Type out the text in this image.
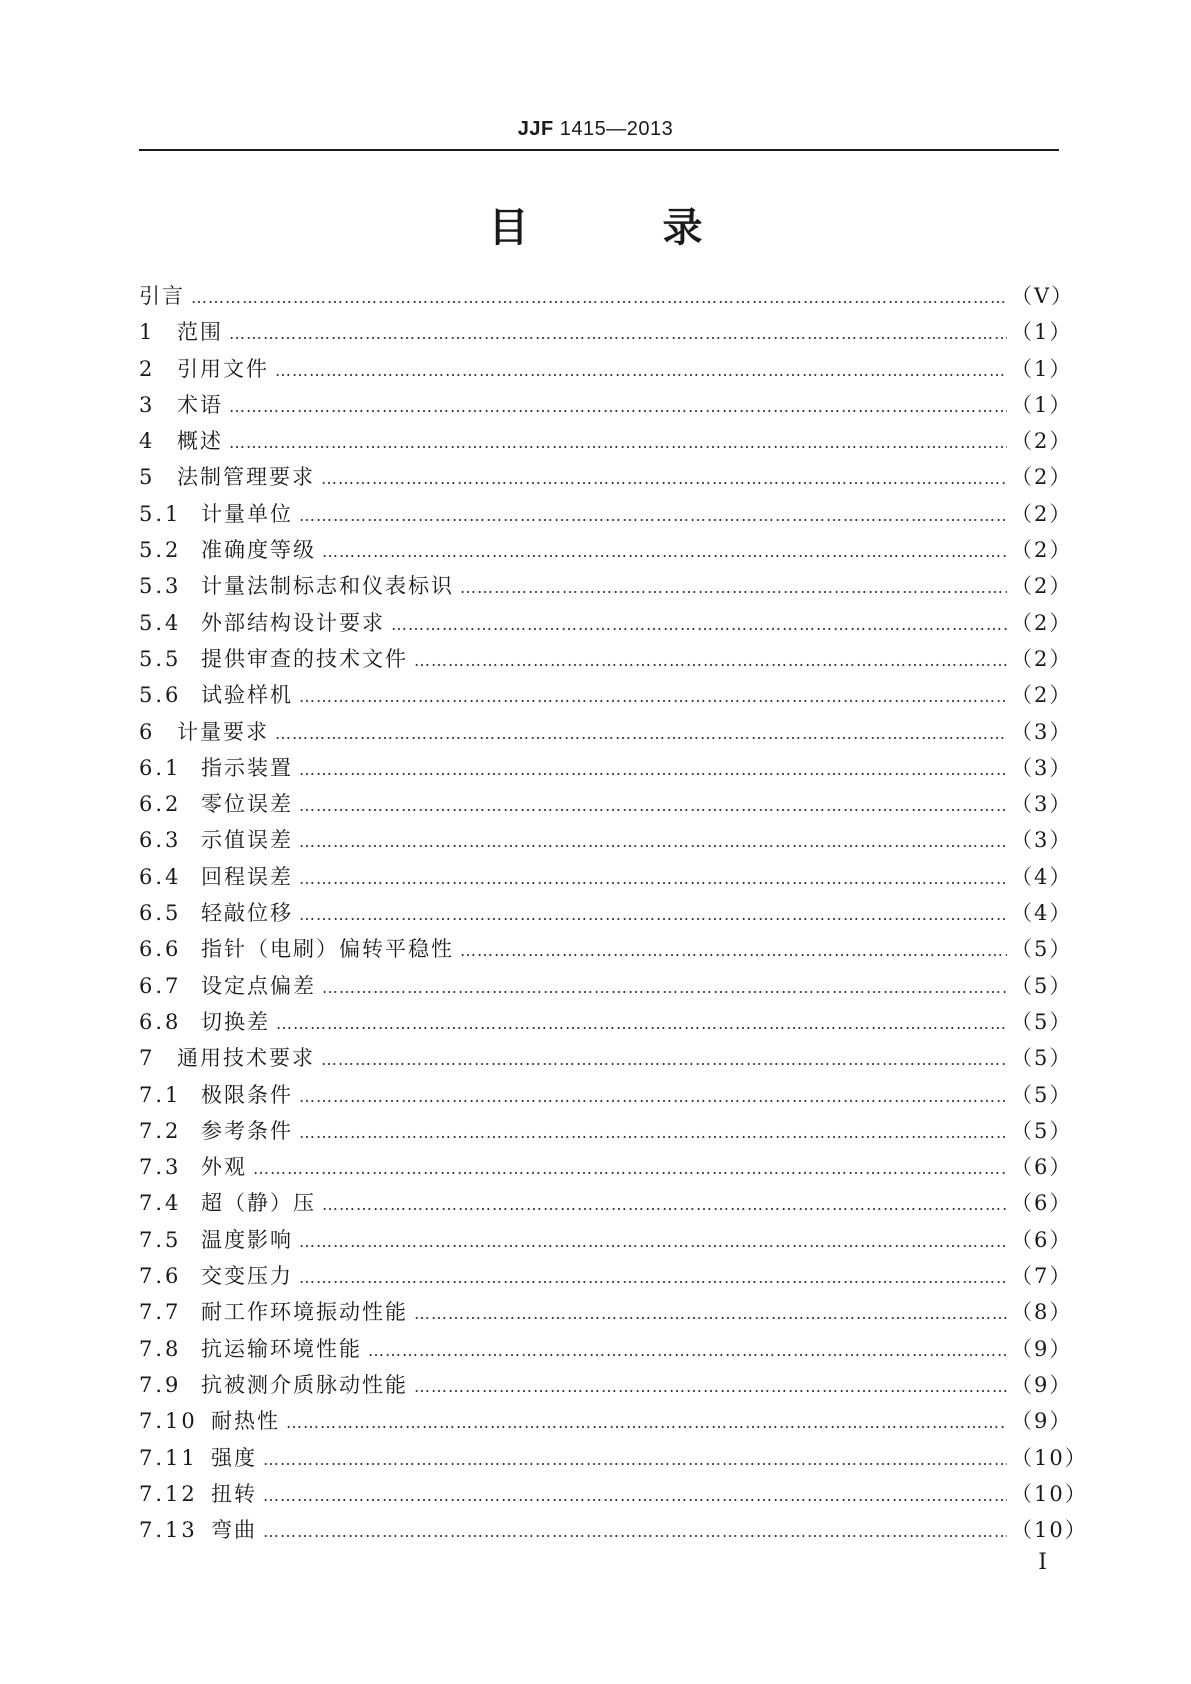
JJF 1415—2013
目 录
引言 ……………………………………………………………………………………………………………………………………………………………………………………	（Ⅴ）
1	范围 ……………………………………………………………………………………………………………………………………………………………………………………	（1）
2	引用文件 ……………………………………………………………………………………………………………………………………………………………………………………	（1）
3	术语 ……………………………………………………………………………………………………………………………………………………………………………………	（1）
4	概述 ……………………………………………………………………………………………………………………………………………………………………………………	（2）
5	法制管理要求 ……………………………………………………………………………………………………………………………………………………………………………………	（2）
5.1 计量单位 ……………………………………………………………………………………………………………………………………………………………………………………	（2）
5.2 准确度等级 ……………………………………………………………………………………………………………………………………………………………………………………	（2）
5.3 计量法制标志和仪表标识 ……………………………………………………………………………………………………………………………………………………………………………………	（2）
5.4 外部结构设计要求 ……………………………………………………………………………………………………………………………………………………………………………………	（2）
5.5 提供审查的技术文件 ……………………………………………………………………………………………………………………………………………………………………………………	（2）
5.6 试验样机 ……………………………………………………………………………………………………………………………………………………………………………………	（2）
6	计量要求 ……………………………………………………………………………………………………………………………………………………………………………………	（3）
6.1 指示装置 ……………………………………………………………………………………………………………………………………………………………………………………	（3）
6.2 零位误差 ……………………………………………………………………………………………………………………………………………………………………………………	（3）
6.3 示值误差 ……………………………………………………………………………………………………………………………………………………………………………………	（3）
6.4 回程误差 ……………………………………………………………………………………………………………………………………………………………………………………	（4）
6.5 轻敲位移 ……………………………………………………………………………………………………………………………………………………………………………………	（4）
6.6 指针（电刷）偏转平稳性 ……………………………………………………………………………………………………………………………………………………………………………………	（5）
6.7 设定点偏差 ……………………………………………………………………………………………………………………………………………………………………………………	（5）
6.8 切换差 ……………………………………………………………………………………………………………………………………………………………………………………	（5）
7	通用技术要求 ……………………………………………………………………………………………………………………………………………………………………………………	（5）
7.1 极限条件 ……………………………………………………………………………………………………………………………………………………………………………………	（5）
7.2 参考条件 ……………………………………………………………………………………………………………………………………………………………………………………	（5）
7.3 外观 ……………………………………………………………………………………………………………………………………………………………………………………	（6）
7.4 超（静）压 ……………………………………………………………………………………………………………………………………………………………………………………	（6）
7.5 温度影响 ……………………………………………………………………………………………………………………………………………………………………………………	（6）
7.6 交变压力 ……………………………………………………………………………………………………………………………………………………………………………………	（7）
7.7 耐工作环境振动性能 ……………………………………………………………………………………………………………………………………………………………………………………	（8）
7.8 抗运输环境性能 ……………………………………………………………………………………………………………………………………………………………………………………	（9）
7.9 抗被测介质脉动性能 ……………………………………………………………………………………………………………………………………………………………………………………	（9）
7.10 耐热性 ……………………………………………………………………………………………………………………………………………………………………………………	（9）
7.11 强度 ……………………………………………………………………………………………………………………………………………………………………………………	（10）
7.12 扭转 ……………………………………………………………………………………………………………………………………………………………………………………	（10）
7.13 弯曲 ……………………………………………………………………………………………………………………………………………………………………………………	（10）
Ⅰ
